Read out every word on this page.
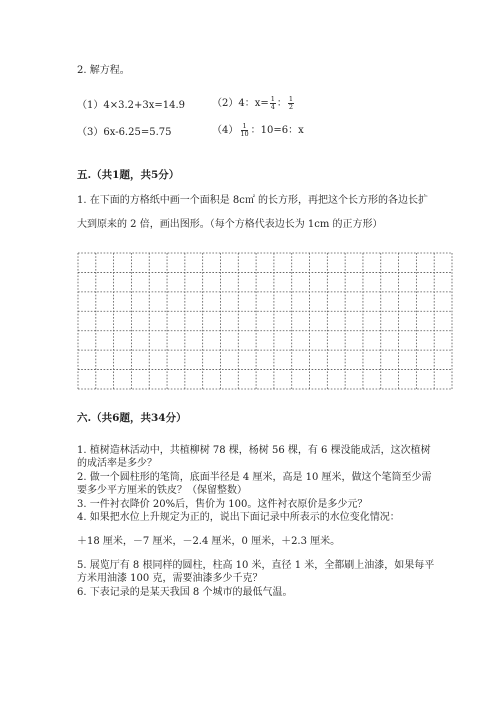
2. 解方程。
（1）4×3.2+3x=14.9	（2）4：$x= \frac{1}{4}$ ： $\frac{1}{2}$
（3）6x-6.25=5.75	$(4) \frac{1}{10}$ ：10=6：x
五.（共1题，共5分）
1. 在下面的方格纸中画一个面积是 8c㎡ 的长方形，再把这个长方形的各边长扩
大到原来的 2 倍，画出图形。（每个方格代表边长为 1cm 的正方形）
六.（共6题，共34分）
1. 植树造林活动中，共植柳树 78 棵，杨树 56 棵，有 6 棵没能成活，这次植树
的成活率是多少？
2. 做一个圆柱形的笔筒，底面半径是 4 厘米，高是 10 厘米，做这个笔筒至少需
要多少平方厘米的铁皮？（保留整数）
3. 一件衬衣降价 20%后，售价为 100。这件衬衣原价是多少元？
4. 如果把水位上升规定为正的，说出下面记录中所表示的水位变化情况：
＋18 厘米，－7 厘米，－2.4 厘米，0 厘米，＋2.3 厘米。
5. 展览厅有 8 根同样的圆柱，柱高 10 米，直径 1 米，全都刷上油漆，如果每平
方米用油漆 100 克，需要油漆多少千克？
6. 下表记录的是某天我国 8 个城市的最低气温。
